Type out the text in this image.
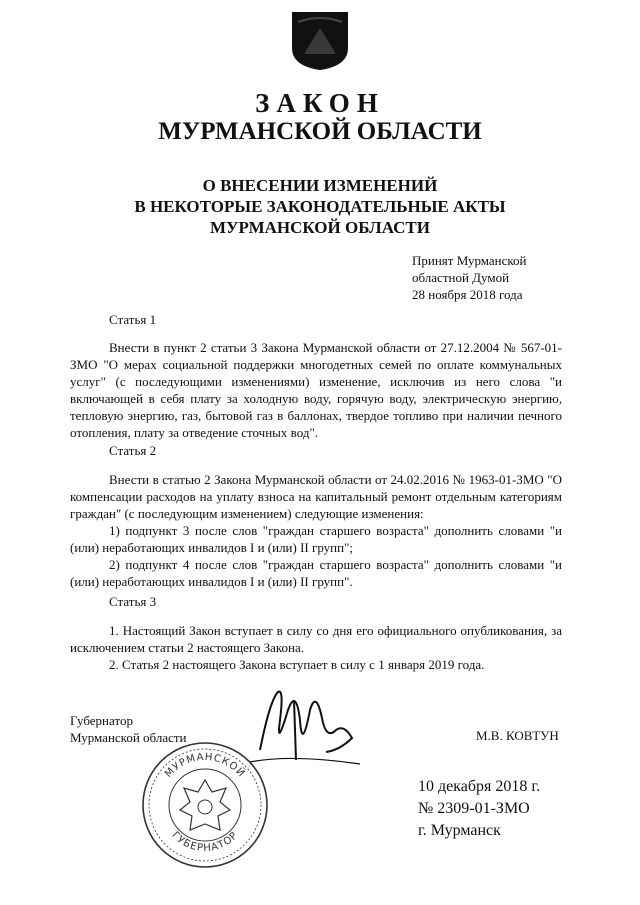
ЗАКОН
МУРМАНСКОЙ ОБЛАСТИ
О ВНЕСЕНИИ ИЗМЕНЕНИЙ
В НЕКОТОРЫЕ ЗАКОНОДАТЕЛЬНЫЕ АКТЫ
МУРМАНСКОЙ ОБЛАСТИ
Принят Мурманской
областной Думой
28 ноября 2018 года
Статья 1

Внести в пункт 2 статьи 3 Закона Мурманской области от 27.12.2004 № 567-01-ЗМО "О мерах социальной поддержки многодетных семей по оплате коммунальных услуг" (с последующими изменениями) изменение, исключив из него слова "и включающей в себя плату за холодную воду, горячую воду, электрическую энергию, тепловую энергию, газ, бытовой газ в баллонах, твердое топливо при наличии печного отопления, плату за отведение сточных вод".

Статья 2

Внести в статью 2 Закона Мурманской области от 24.02.2016 № 1963-01-ЗМО "О компенсации расходов на уплату взноса на капитальный ремонт отдельным категориям граждан" (с последующим изменением) следующие изменения:

1) подпункт 3 после слов "граждан старшего возраста" дополнить словами "и (или) неработающих инвалидов I и (или) II групп";

2) подпункт 4 после слов "граждан старшего возраста" дополнить словами "и (или) неработающих инвалидов I и (или) II групп".

Статья 3

1. Настоящий Закон вступает в силу со дня его официального опубликования, за исключением статьи 2 настоящего Закона.

2. Статья 2 настоящего Закона вступает в силу с 1 января 2019 года.

Губернатор
Мурманской области	М.В. КОВТУН
МУРМАНСКОЙ
ГУБЕРНАТОР
10 декабря 2018 г.
№ 2309-01-ЗМО
г. Мурманск
